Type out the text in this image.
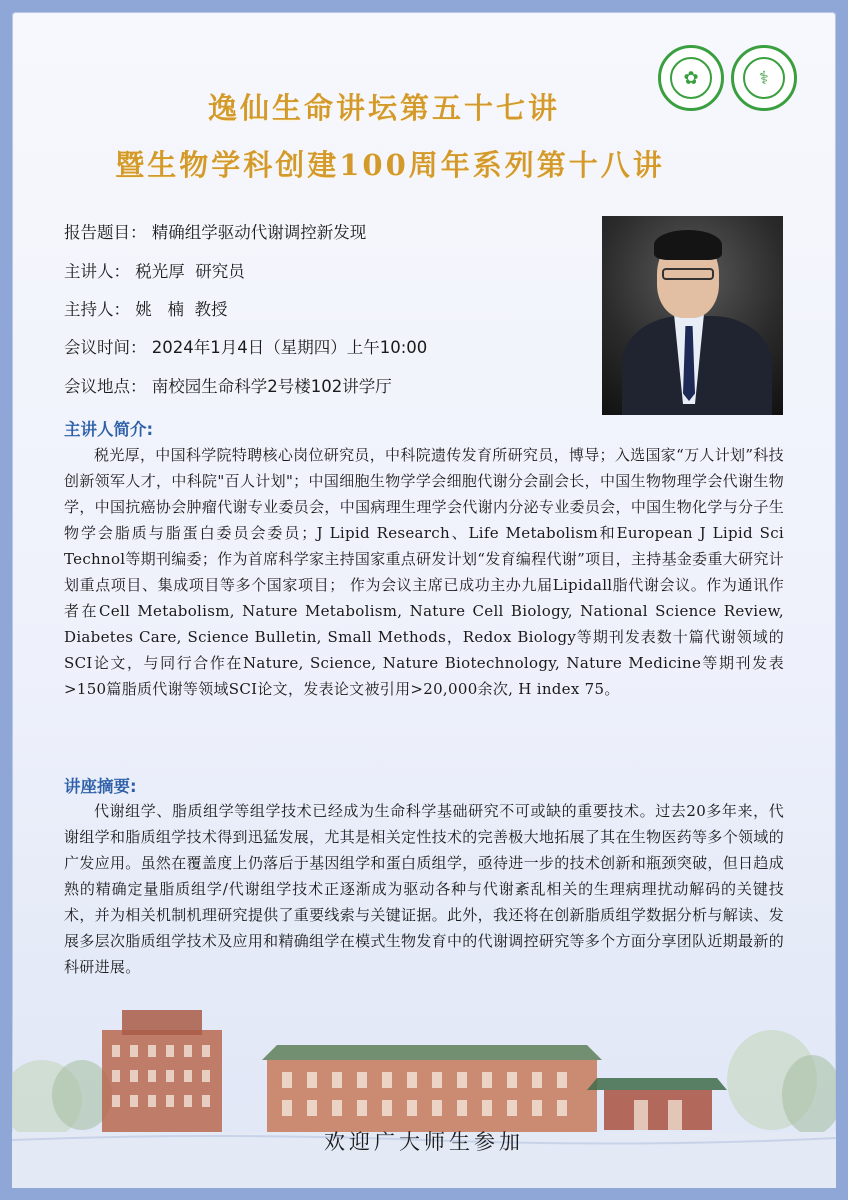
✿	⚕
逸仙生命讲坛第五十七讲
暨生物学科创建100周年系列第十八讲
报告题目： 精确组学驱动代谢调控新发现
主讲人： 税光厚  研究员
主持人： 姚   楠  教授
会议时间： 2024年1月4日（星期四）上午10:00
会议地点： 南校园生命科学2号楼102讲学厅
主讲人简介:

税光厚，中国科学院特聘核心岗位研究员，中科院遗传发育所研究员，博导；入选国家“万人计划”科技创新领军人才，中科院"百人计划"；中国细胞生物学学会细胞代谢分会副会长，中国生物物理学会代谢生物学，中国抗癌协会肿瘤代谢专业委员会，中国病理生理学会代谢内分泌专业委员会，中国生物化学与分子生物学会脂质与脂蛋白委员会委员；J Lipid Research、Life Metabolism和European J Lipid Sci Technol等期刊编委；作为首席科学家主持国家重点研发计划“发育编程代谢”项目，主持基金委重大研究计划重点项目、集成项目等多个国家项目； 作为会议主席已成功主办九届Lipidall脂代谢会议。作为通讯作者在Cell Metabolism, Nature Metabolism, Nature Cell Biology, National Science Review, Diabetes Care, Science Bulletin, Small Methods，Redox Biology等期刊发表数十篇代谢领域的SCI论文，与同行合作在Nature, Science, Nature Biotechnology, Nature Medicine等期刊发表>150篇脂质代谢等领域SCI论文，发表论文被引用>20,000余次, H index 75。

讲座摘要:

代谢组学、脂质组学等组学技术已经成为生命科学基础研究不可或缺的重要技术。过去20多年来，代谢组学和脂质组学技术得到迅猛发展，尤其是相关定性技术的完善极大地拓展了其在生物医药等多个领域的广发应用。虽然在覆盖度上仍落后于基因组学和蛋白质组学，亟待进一步的技术创新和瓶颈突破，但日趋成熟的精确定量脂质组学/代谢组学技术正逐渐成为驱动各种与代谢紊乱相关的生理病理扰动解码的关键技术，并为相关机制机理研究提供了重要线索与关键证据。此外，我还将在创新脂质组学数据分析与解读、发展多层次脂质组学技术及应用和精确组学在模式生物发育中的代谢调控研究等多个方面分享团队近期最新的科研进展。

欢迎广大师生参加
